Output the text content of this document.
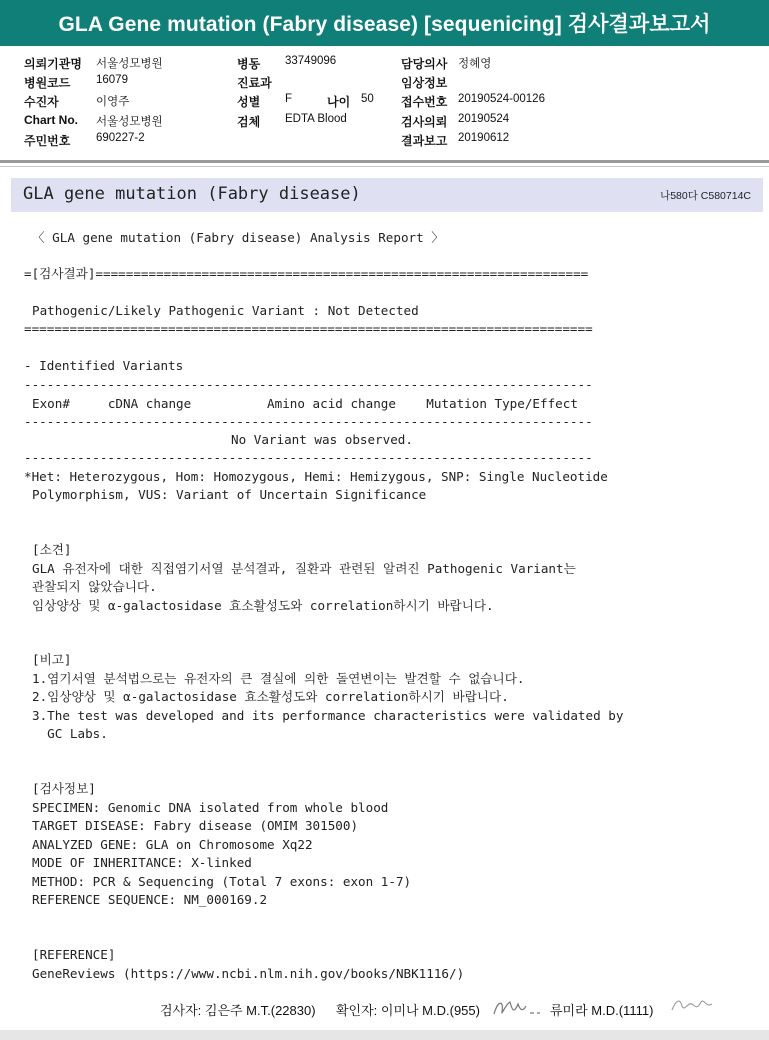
GLA Gene mutation (Fabry disease) [sequenicing] 검사결과보고서
의뢰기관명 서울성모병원	병동 33749096	담당의사 정혜영
병원코드 16079	진료과	임상정보
수진자	이영주	성별 F	나이 50 접수번호 20190524-00126
Chart No. 서울성모병원	검체 EDTA Blood	검사의뢰 20190524
주민번호 690227-2	결과보고 20190612
GLA gene mutation (Fabry disease)	나580다 C580714C
〈 GLA gene mutation (Fabry disease) Analysis Report 〉
=[검사결과]=================================================================
Pathogenic/Likely Pathogenic Variant : Not Detected
===========================================================================
- Identified Variants
---------------------------------------------------------------------------
Exon#     cDNA change          Amino acid change    Mutation Type/Effect
---------------------------------------------------------------------------
No Variant was observed.
---------------------------------------------------------------------------
*Het: Heterozygous, Hom: Homozygous, Hemi: Hemizygous, SNP: Single Nucleotide
Polymorphism, VUS: Variant of Uncertain Significance
[소견]
GLA 유전자에 대한 직접염기서열 분석결과, 질환과 관련된 알려진 Pathogenic Variant는
관찰되지 않았습니다.
임상양상 및 α-galactosidase 효소활성도와 correlation하시기 바랍니다.
[비고]
1.염기서열 분석법으로는 유전자의 큰 결실에 의한 돌연변이는 발견할 수 없습니다.
2.임상양상 및 α-galactosidase 효소활성도와 correlation하시기 바랍니다.
3.The test was developed and its performance characteristics were validated by
GC Labs.
[검사정보]
SPECIMEN: Genomic DNA isolated from whole blood
TARGET DISEASE: Fabry disease (OMIM 301500)
ANALYZED GENE: GLA on Chromosome Xq22
MODE OF INHERITANCE: X-linked
METHOD: PCR & Sequencing (Total 7 exons: exon 1-7)
REFERENCE SEQUENCE: NM_000169.2
[REFERENCE]
GeneReviews (https://www.ncbi.nlm.nih.gov/books/NBK1116/)
검사자: 김은주 M.T.(22830) 확인자: 이미나 M.D.(955)	류미라 M.D.(1111)
